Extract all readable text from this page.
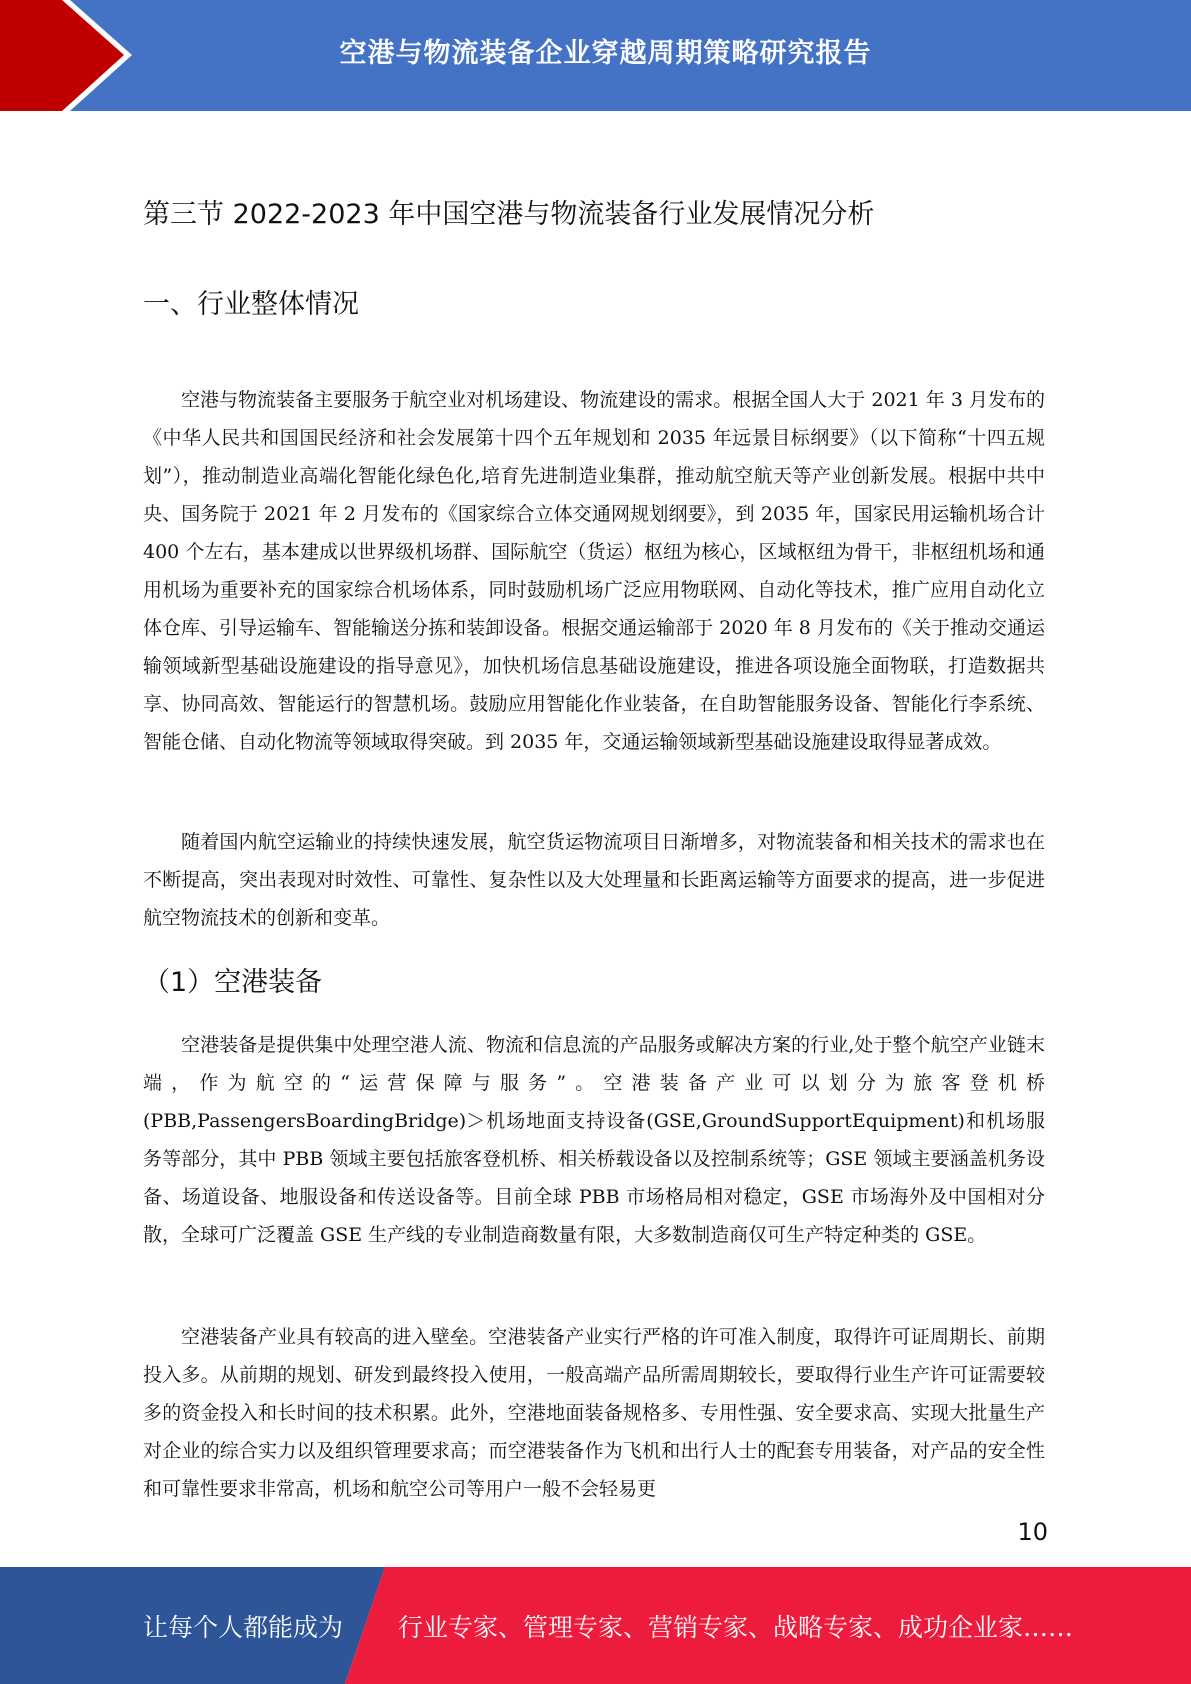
空港与物流装备企业穿越周期策略研究报告
第三节 2022-2023 年中国空港与物流装备行业发展情况分析
一、行业整体情况

空港与物流装备主要服务于航空业对机场建设、物流建设的需求。根据全国人大于 2021 年 3 月发布的《中华人民共和国国民经济和社会发展第十四个五年规划和 2035 年远景目标纲要》（以下简称“十四五规划”），推动制造业高端化智能化绿色化,培育先进制造业集群，推动航空航天等产业创新发展。根据中共中央、国务院于 2021 年 2 月发布的《国家综合立体交通网规划纲要》，到 2035 年，国家民用运输机场合计 400 个左右，基本建成以世界级机场群、国际航空（货运）枢纽为核心，区域枢纽为骨干，非枢纽机场和通用机场为重要补充的国家综合机场体系，同时鼓励机场广泛应用物联网、自动化等技术，推广应用自动化立体仓库、引导运输车、智能输送分拣和装卸设备。根据交通运输部于 2020 年 8 月发布的《关于推动交通运输领域新型基础设施建设的指导意见》，加快机场信息基础设施建设，推进各项设施全面物联，打造数据共享、协同高效、智能运行的智慧机场。鼓励应用智能化作业装备，在自助智能服务设备、智能化行李系统、智能仓储、自动化物流等领域取得突破。到 2035 年，交通运输领域新型基础设施建设取得显著成效。

随着国内航空运输业的持续快速发展，航空货运物流项目日渐增多，对物流装备和相关技术的需求也在不断提高，突出表现对时效性、可靠性、复杂性以及大处理量和长距离运输等方面要求的提高，进一步促进航空物流技术的创新和变革。

（1）空港装备

空港装备是提供集中处理空港人流、物流和信息流的产品服务或解决方案的行业,处于整个航空产业链末端，作为航空的“运营保障与服务”。空港装备产业可以划分为旅客登机桥(PBB,PassengersBoardingBridge)＞机场地面支持设备(GSE,GroundSupportEquipment)和机场服务等部分，其中 PBB 领域主要包括旅客登机桥、相关桥载设备以及控制系统等；GSE 领域主要涵盖机务设备、场道设备、地服设备和传送设备等。目前全球 PBB 市场格局相对稳定，GSE 市场海外及中国相对分散，全球可广泛覆盖 GSE 生产线的专业制造商数量有限，大多数制造商仅可生产特定种类的 GSE。

空港装备产业具有较高的进入壁垒。空港装备产业实行严格的许可准入制度，取得许可证周期长、前期投入多。从前期的规划、研发到最终投入使用，一般高端产品所需周期较长，要取得行业生产许可证需要较多的资金投入和长时间的技术积累。此外，空港地面装备规格多、专用性强、安全要求高、实现大批量生产对企业的综合实力以及组织管理要求高；而空港装备作为飞机和出行人士的配套专用装备，对产品的安全性和可靠性要求非常高，机场和航空公司等用户一般不会轻易更

10
让每个人都能成为 行业专家、管理专家、营销专家、战略专家、成功企业家……
